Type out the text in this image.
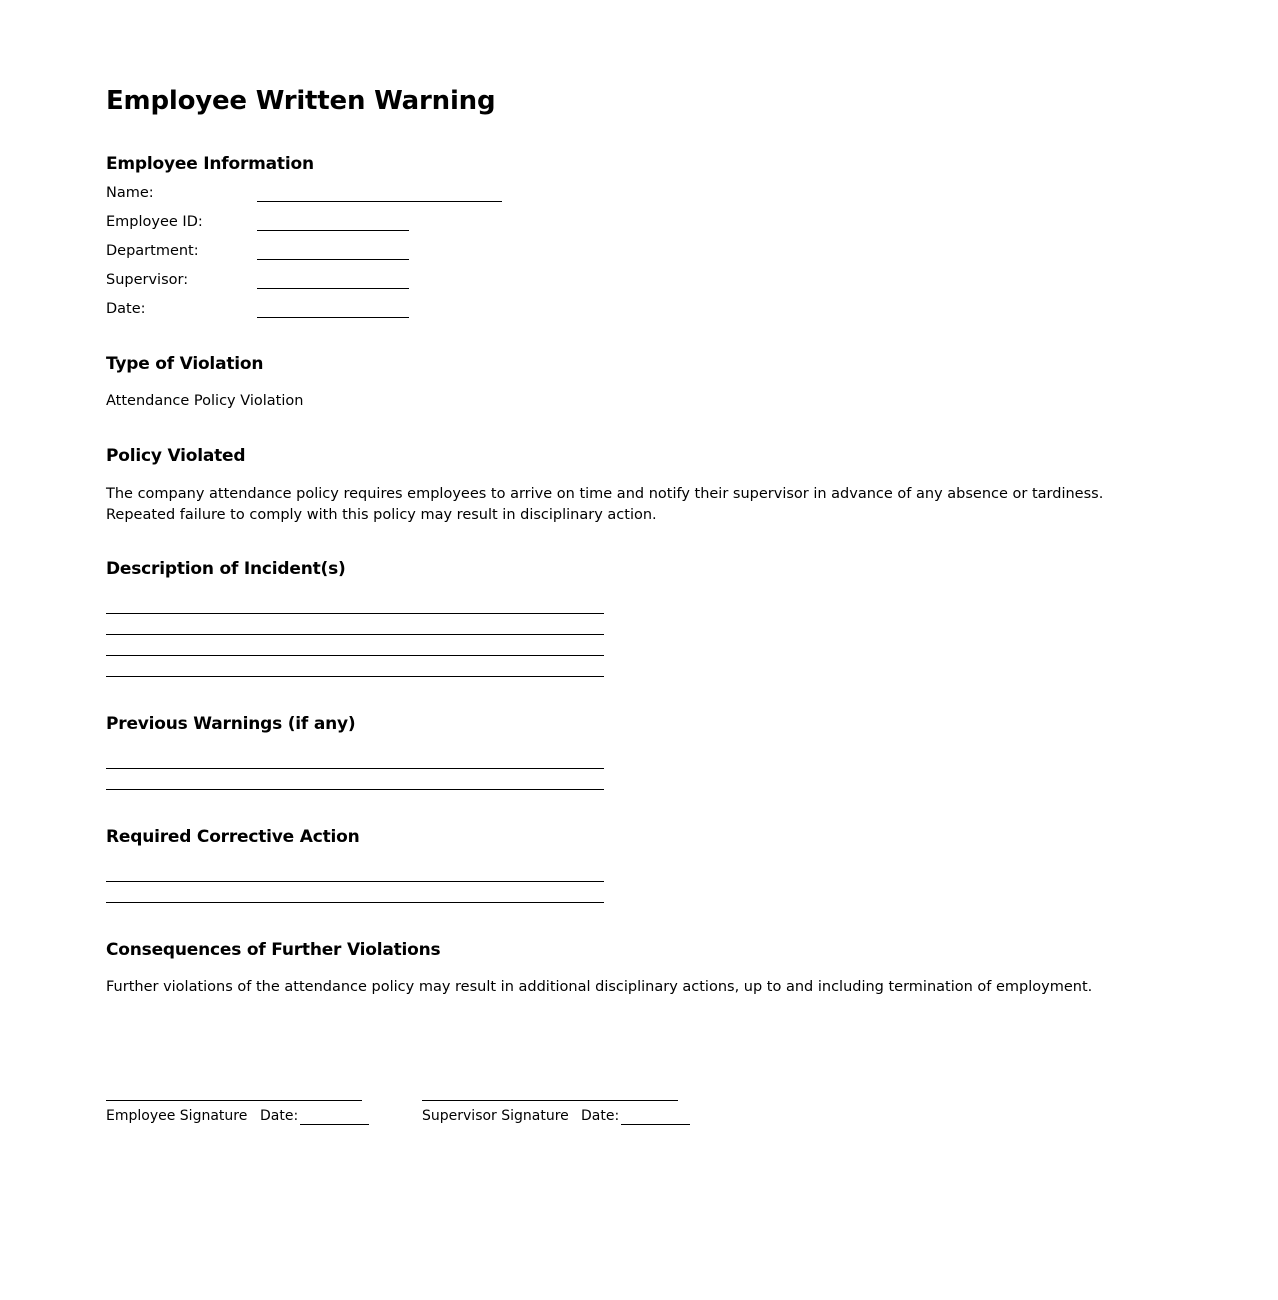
Employee Written Warning
Employee Information
Name:
Employee ID:
Department:
Supervisor:
Date:
Type of Violation
Attendance Policy Violation
Policy Violated
The company attendance policy requires employees to arrive on time and notify their supervisor in advance of any absence or tardiness. Repeated failure to comply with this policy may result in disciplinary action.
Description of Incident(s)
Previous Warnings (if any)
Required Corrective Action
Consequences of Further Violations
Further violations of the attendance policy may result in additional disciplinary actions, up to and including termination of employment.
Employee Signature Date:	Supervisor Signature Date:
